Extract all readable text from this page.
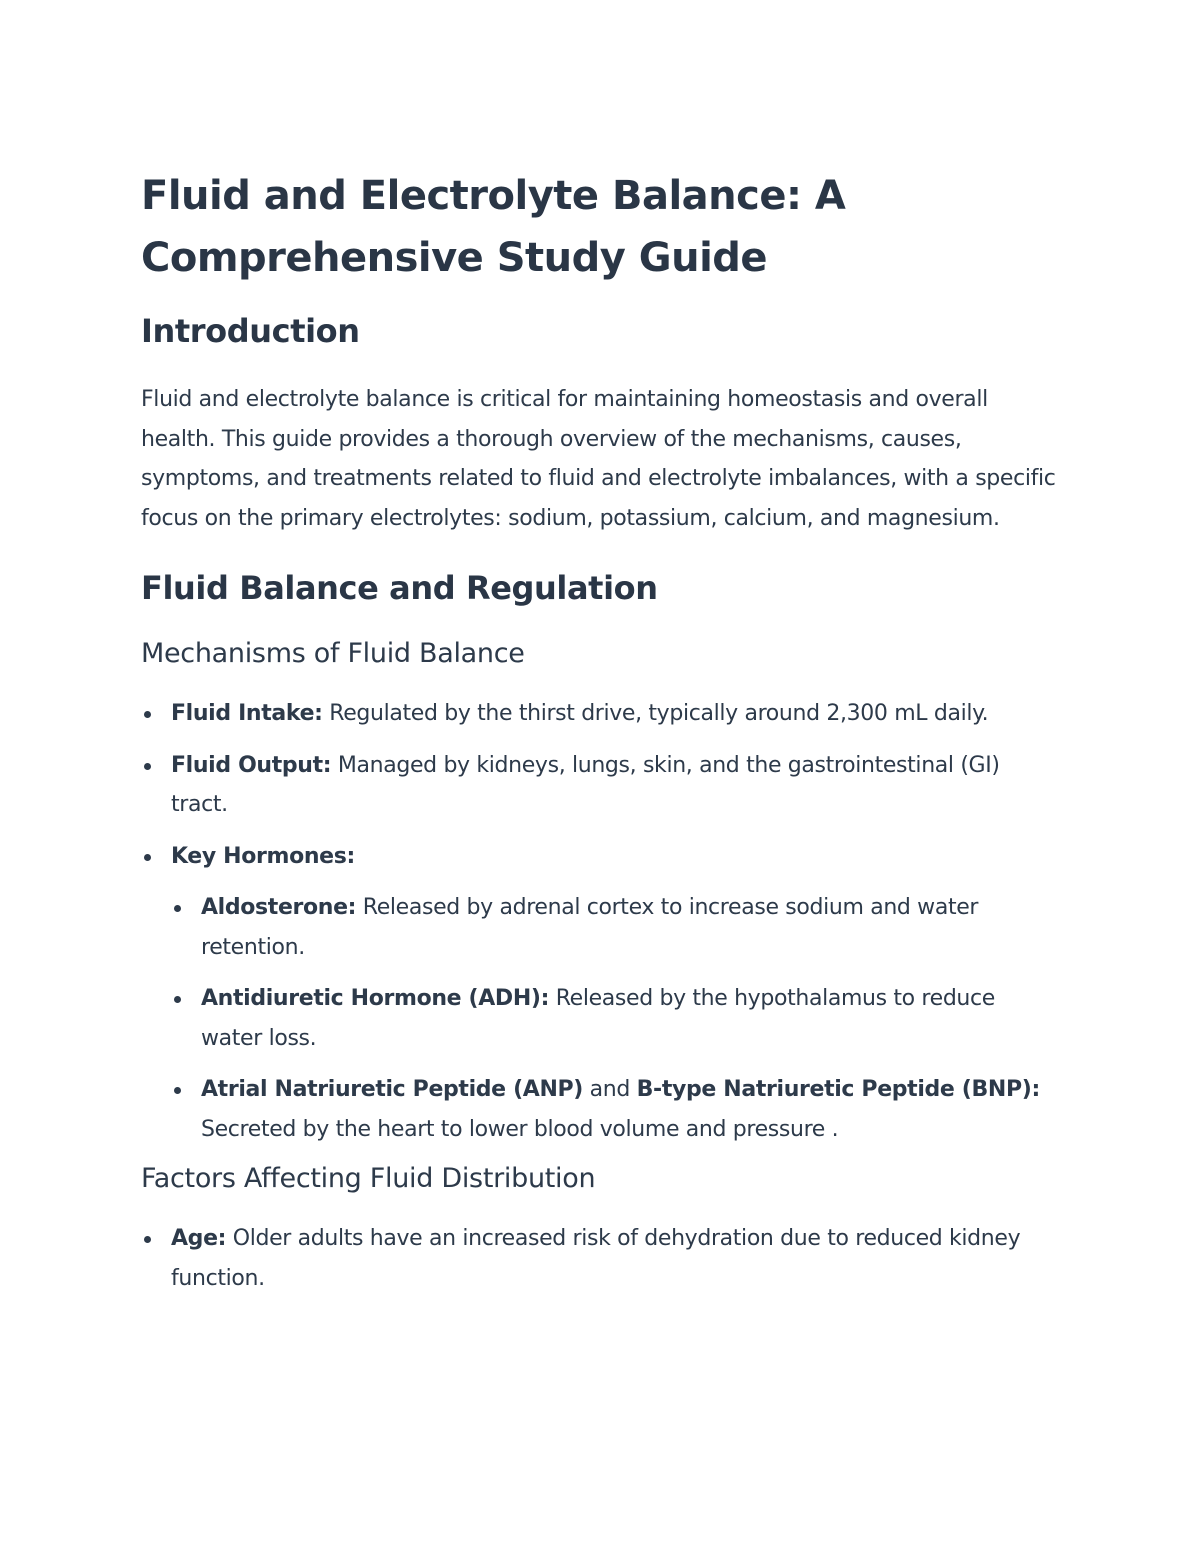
Fluid and Electrolyte Balance: A Comprehensive Study Guide
Introduction

Fluid and electrolyte balance is critical for maintaining homeostasis and overall health. This guide provides a thorough overview of the mechanisms, causes, symptoms, and treatments related to fluid and electrolyte imbalances, with a specific focus on the primary electrolytes: sodium, potassium, calcium, and magnesium.

Fluid Balance and Regulation
Mechanisms of Fluid Balance
Fluid Intake: Regulated by the thirst drive, typically around 2,300 mL daily.
Fluid Output: Managed by kidneys, lungs, skin, and the gastrointestinal (GI) tract.
Key Hormones:
Aldosterone: Released by adrenal cortex to increase sodium and water retention.
Antidiuretic Hormone (ADH): Released by the hypothalamus to reduce water loss.
Atrial Natriuretic Peptide (ANP) and B-type Natriuretic Peptide (BNP): Secreted by the heart to lower blood volume and pressure .
Factors Affecting Fluid Distribution
Age: Older adults have an increased risk of dehydration due to reduced kidney function.
